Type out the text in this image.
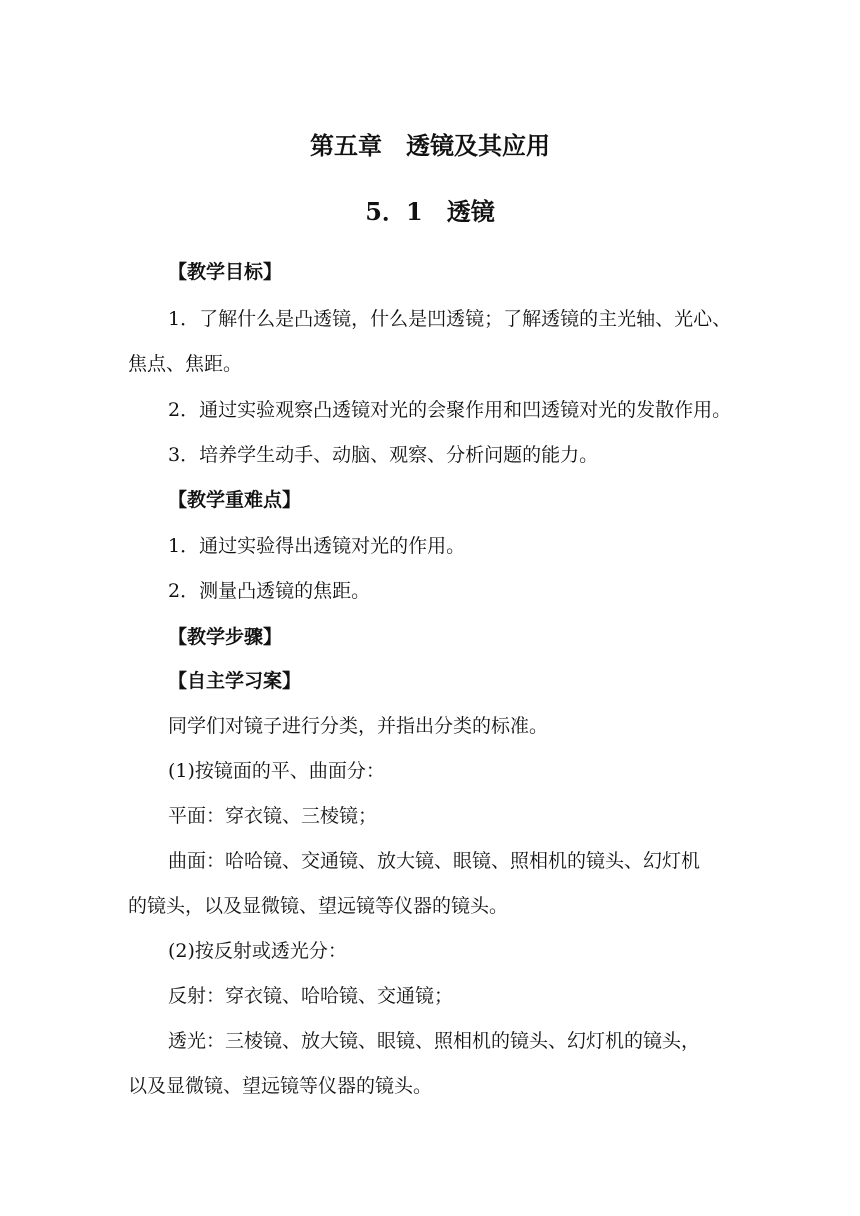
第五章　透镜及其应用
5．1　透镜
【教学目标】
1．了解什么是凸透镜，什么是凹透镜；了解透镜的主光轴、光心、
焦点、焦距。
2．通过实验观察凸透镜对光的会聚作用和凹透镜对光的发散作用。
3．培养学生动手、动脑、观察、分析问题的能力。
【教学重难点】
1．通过实验得出透镜对光的作用。
2．测量凸透镜的焦距。
【教学步骤】
【自主学习案】
同学们对镜子进行分类，并指出分类的标准。
(1)按镜面的平、曲面分：
平面：穿衣镜、三棱镜；
曲面：哈哈镜、交通镜、放大镜、眼镜、照相机的镜头、幻灯机
的镜头，以及显微镜、望远镜等仪器的镜头。
(2)按反射或透光分：
反射：穿衣镜、哈哈镜、交通镜；
透光：三棱镜、放大镜、眼镜、照相机的镜头、幻灯机的镜头，
以及显微镜、望远镜等仪器的镜头。
